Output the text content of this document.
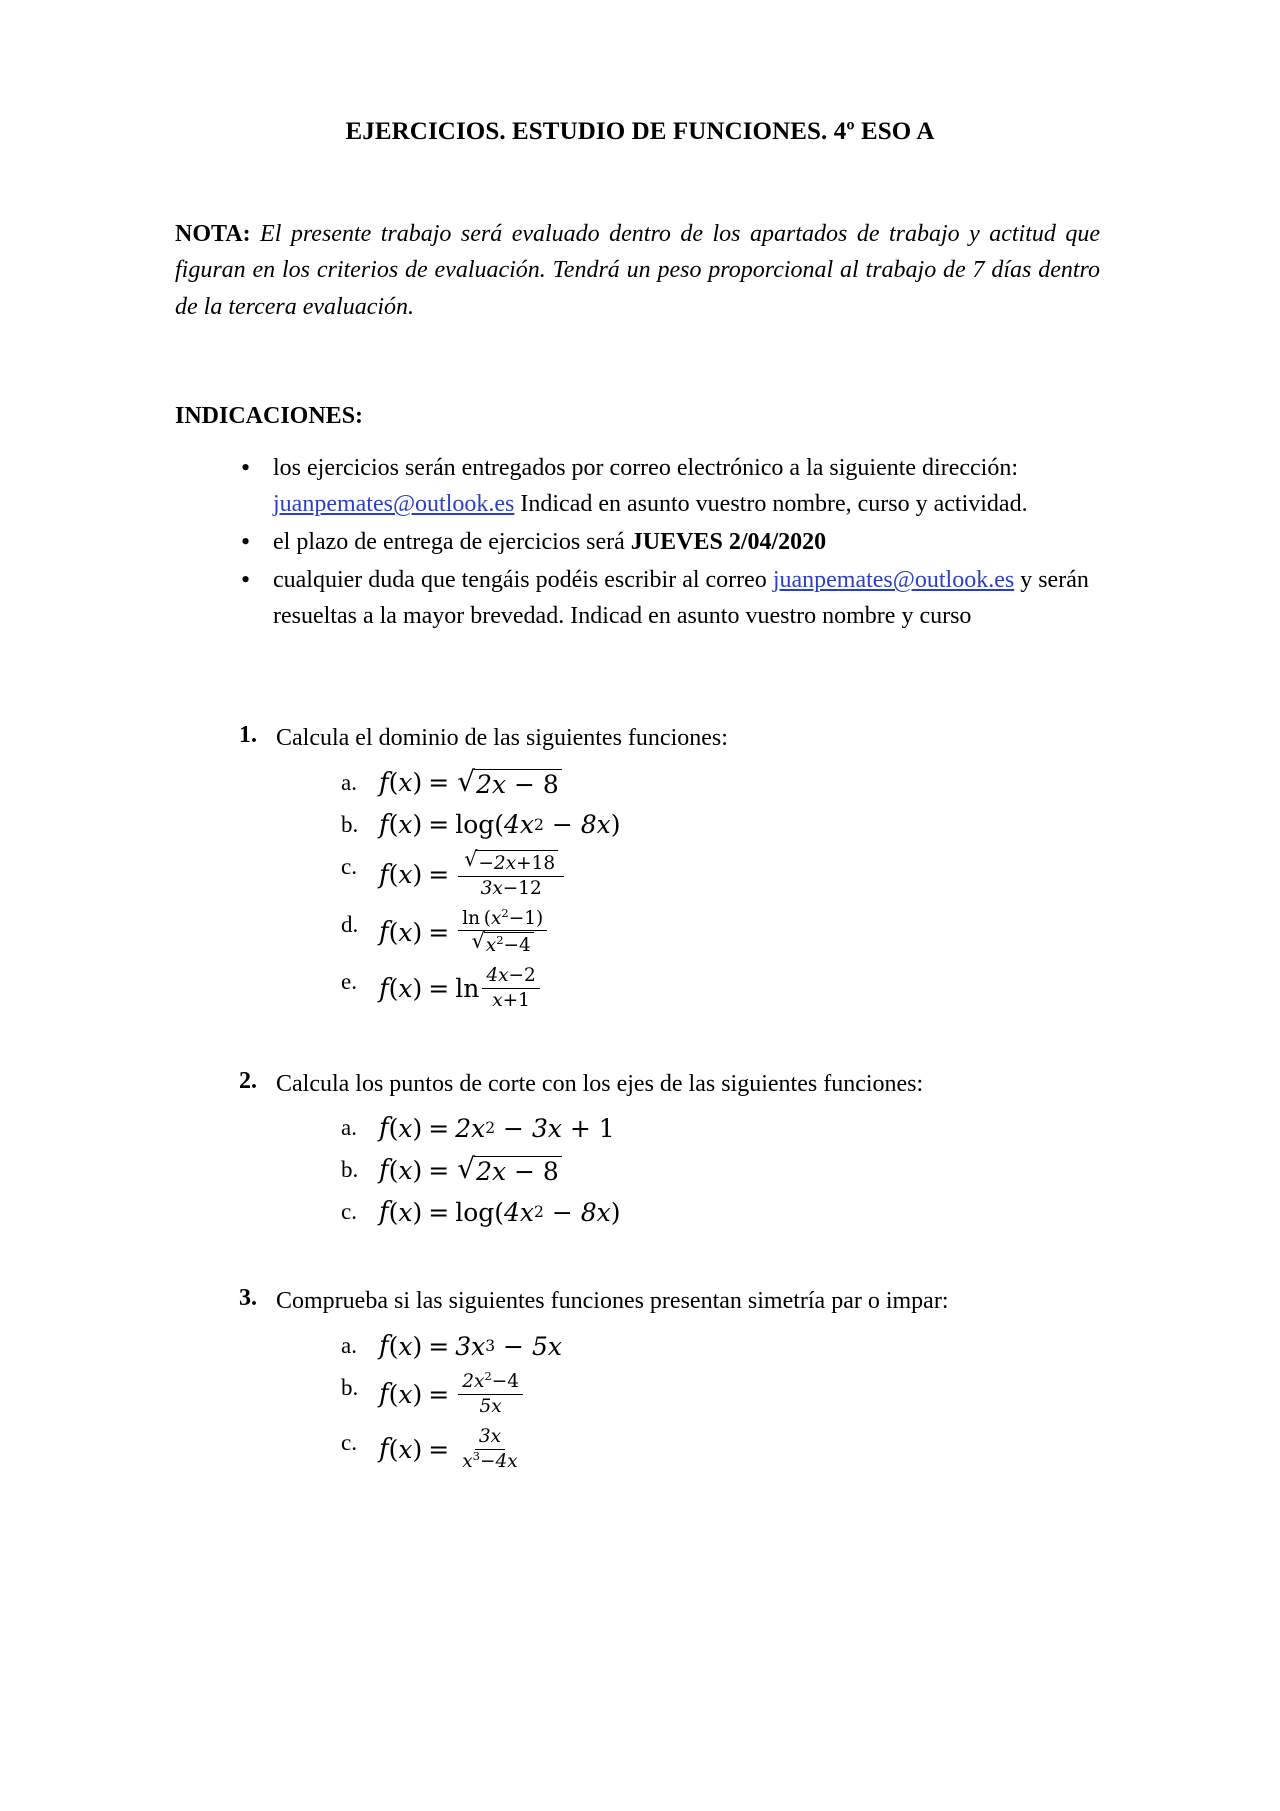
EJERCICIOS. ESTUDIO DE FUNCIONES. 4º ESO A

NOTA: El presente trabajo será evaluado dentro de los apartados de trabajo y actitud que figuran en los criterios de evaluación. Tendrá un peso proporcional al trabajo de 7 días dentro de la tercera evaluación.

INDICACIONES:
• los ejercicios serán entregados por correo electrónico a la siguiente dirección: juanpemates@outlook.es Indicad en asunto vuestro nombre, curso y actividad.
• el plazo de entrega de ejercicios será JUEVES 2/04/2020
• cualquier duda que tengáis podéis escribir al correo juanpemates@outlook.es y serán resueltas a la mayor brevedad. Indicad en asunto vuestro nombre y curso
Calcula el dominio de las siguientes funciones:
a. f ( x ) = √ 2x − 8
b. f ( x ) = log( 4x 2 − 8x )
c. f ( x ) = $\frac{√ -2x+18}{3x-12}$
d. f ( x ) = $\frac{\ln (x^2-1)}{√ x^2-4}$
e. f ( x ) = $\ln \frac{4x-2}{x+1}$
Calcula los puntos de corte con los ejes de las siguientes funciones:
a. f ( x ) = 2x 2 − 3x + 1
b. f ( x ) = √ 2x − 8
c. f ( x ) = log( 4x 2 − 8x )
Comprueba si las siguientes funciones presentan simetría par o impar:
a. f ( x ) = 3x 3 − 5x
b. f ( x ) = $\frac{2x^2-4}{5x}$
c. f ( x ) = $\frac{3x}{x^3-4x}$
